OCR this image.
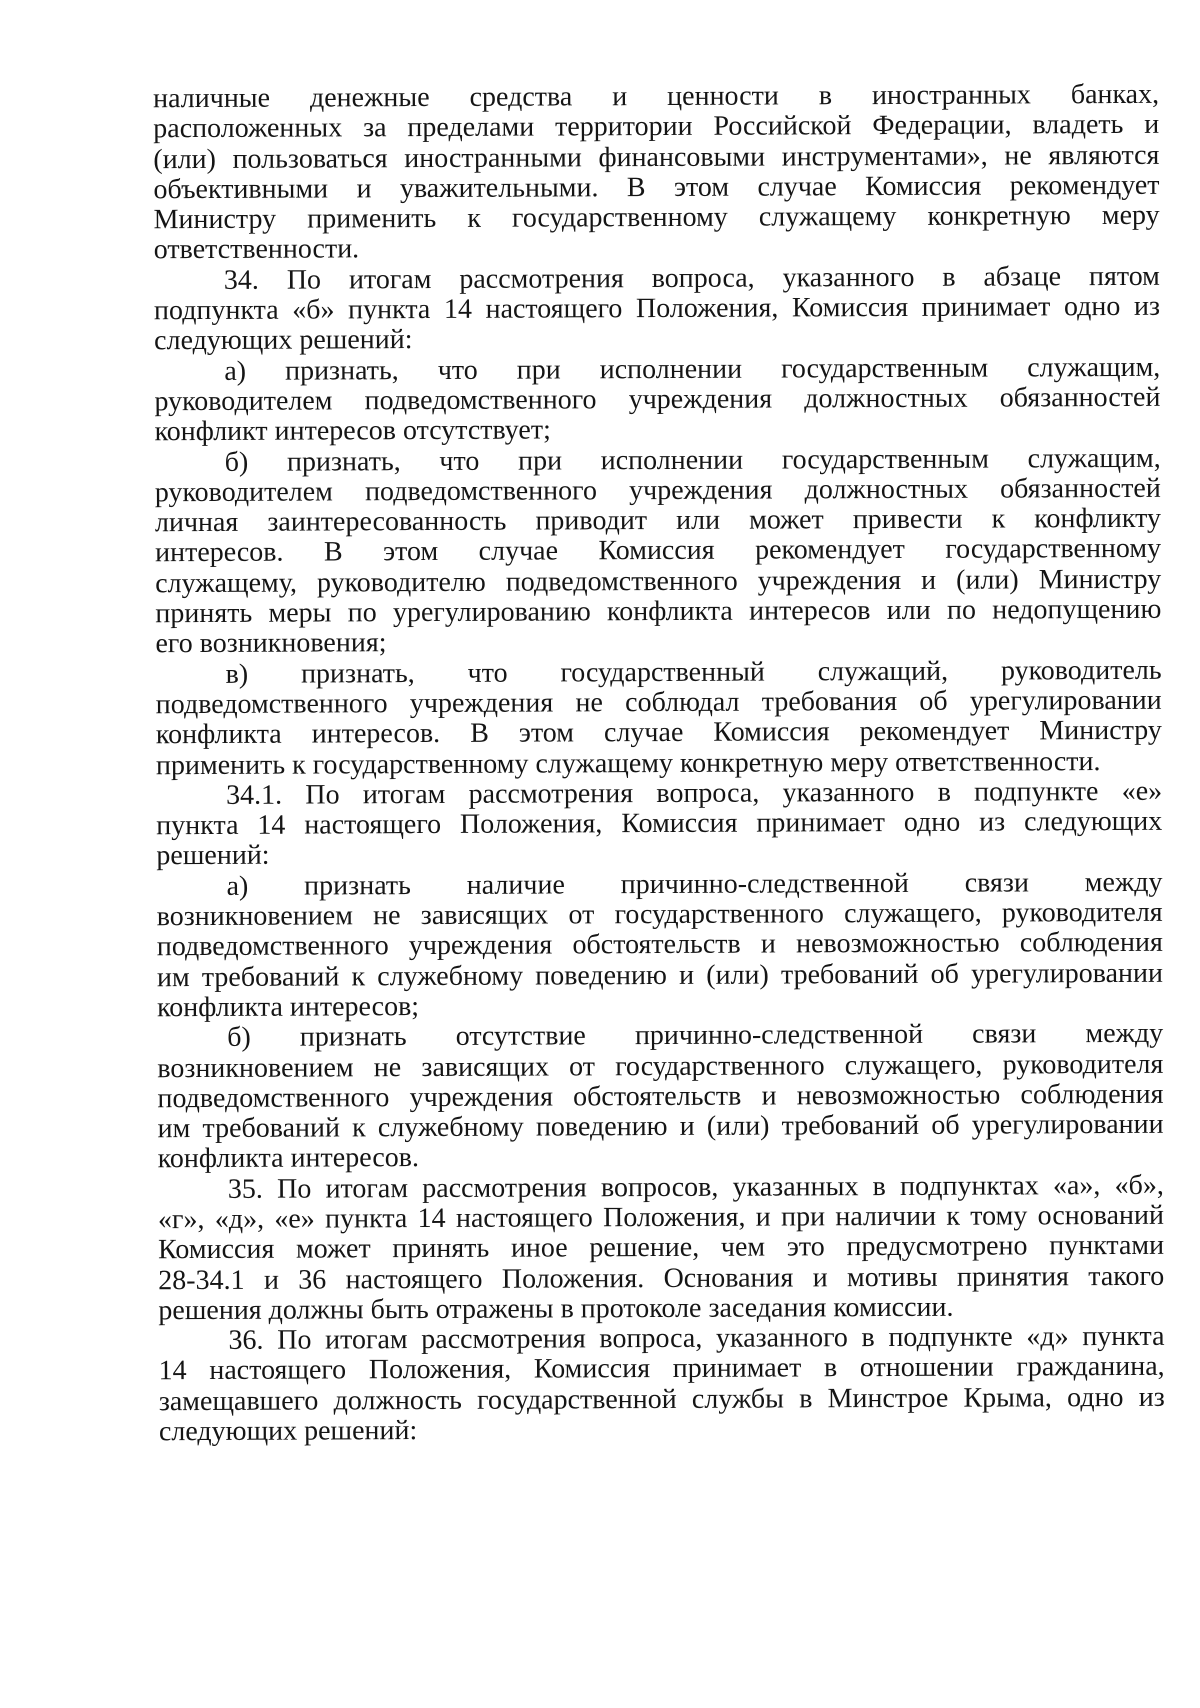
наличные денежные средства и ценности в иностранных банках,
расположенных за пределами территории Российской Федерации, владеть и
(или) пользоваться иностранными финансовыми инструментами», не являются
объективными и уважительными. В этом случае Комиссия рекомендует
Министру применить к государственному служащему конкретную меру
ответственности.
34. По итогам рассмотрения вопроса, указанного в абзаце пятом
подпункта «б» пункта 14 настоящего Положения, Комиссия принимает одно из
следующих решений:
а) признать, что при исполнении государственным служащим,
руководителем подведомственного учреждения должностных обязанностей
конфликт интересов отсутствует;
б) признать, что при исполнении государственным служащим,
руководителем подведомственного учреждения должностных обязанностей
личная заинтересованность приводит или может привести к конфликту
интересов. В этом случае Комиссия рекомендует государственному
служащему, руководителю подведомственного учреждения и (или) Министру
принять меры по урегулированию конфликта интересов или по недопущению
его возникновения;
в) признать, что государственный служащий, руководитель
подведомственного учреждения не соблюдал требования об урегулировании
конфликта интересов. В этом случае Комиссия рекомендует Министру
применить к государственному служащему конкретную меру ответственности.
34.1. По итогам рассмотрения вопроса, указанного в подпункте «е»
пункта 14 настоящего Положения, Комиссия принимает одно из следующих
решений:
а) признать наличие причинно-следственной связи между
возникновением не зависящих от государственного служащего, руководителя
подведомственного учреждения обстоятельств и невозможностью соблюдения
им требований к служебному поведению и (или) требований об урегулировании
конфликта интересов;
б) признать отсутствие причинно-следственной связи между
возникновением не зависящих от государственного служащего, руководителя
подведомственного учреждения обстоятельств и невозможностью соблюдения
им требований к служебному поведению и (или) требований об урегулировании
конфликта интересов.
35. По итогам рассмотрения вопросов, указанных в подпунктах «а», «б»,
«г», «д», «е» пункта 14 настоящего Положения, и при наличии к тому оснований
Комиссия может принять иное решение, чем это предусмотрено пунктами
28-34.1 и 36 настоящего Положения. Основания и мотивы принятия такого
решения должны быть отражены в протоколе заседания комиссии.
36. По итогам рассмотрения вопроса, указанного в подпункте «д» пункта
14 настоящего Положения, Комиссия принимает в отношении гражданина,
замещавшего должность государственной службы в Минстрое Крыма, одно из
следующих решений:
